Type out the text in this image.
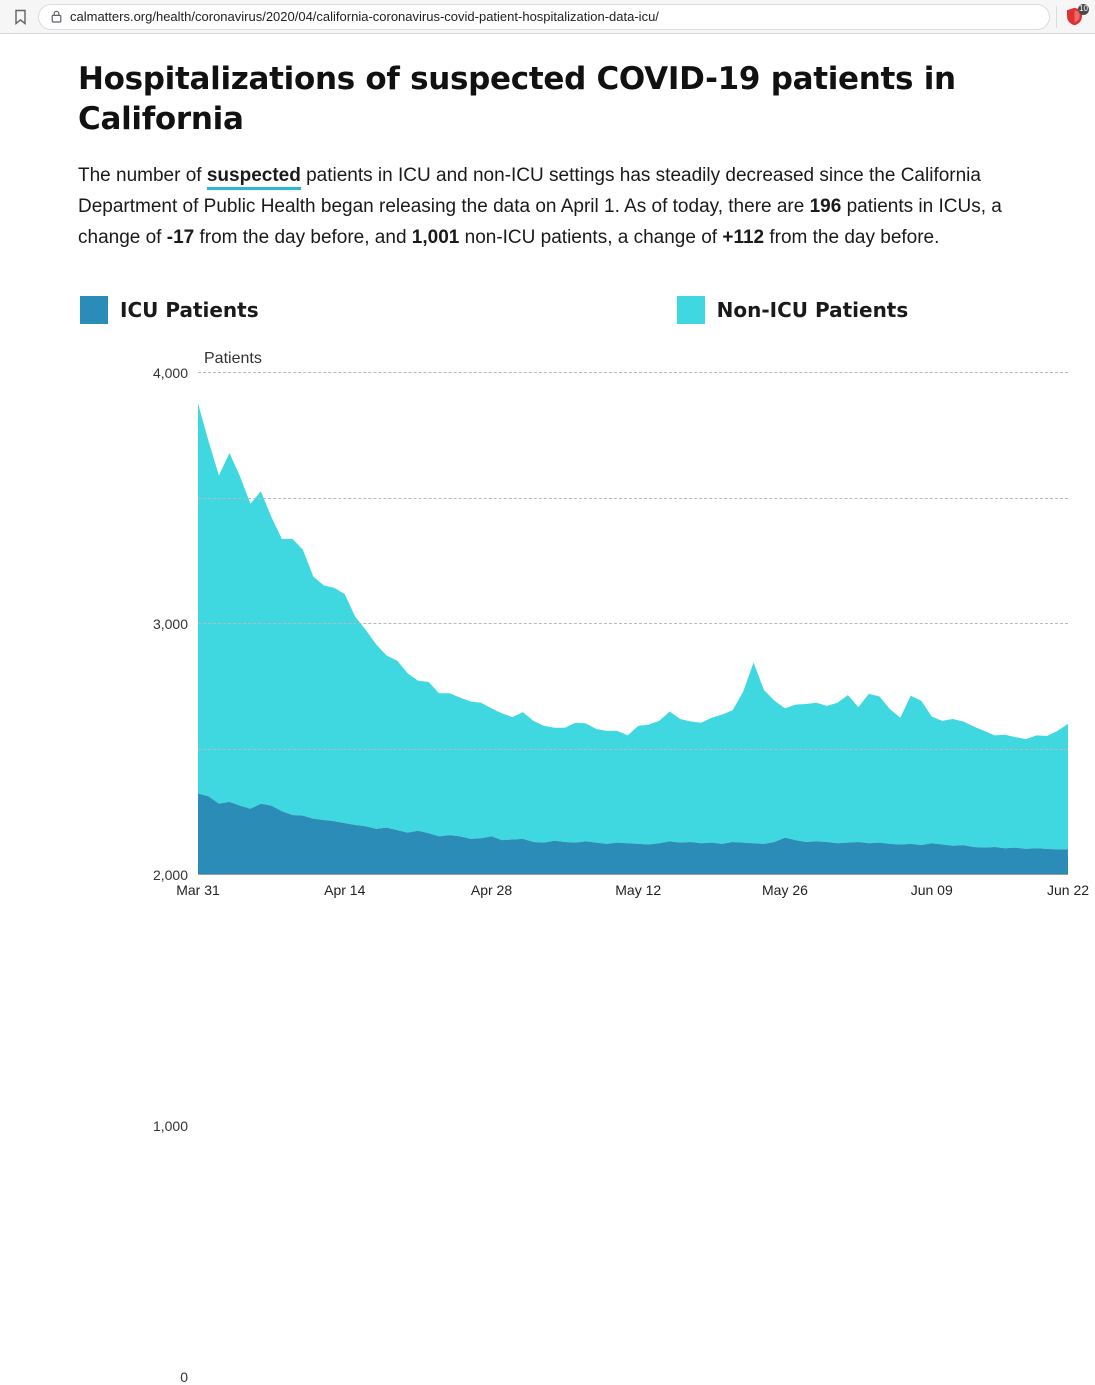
calmatters.org/health/coronavirus/2020/04/california-coronavirus-covid-patient-hospitalization-data-icu/
10
Hospitalizations of suspected COVID-19 patients in California

The number of suspected patients in ICU and non-ICU settings has steadily decreased since the California Department of Public Health began releasing the data on April 1. As of today, there are 196 patients in ICUs, a change of -17 from the day before, and 1,001 non-ICU patients, a change of +112 from the day before.

ICU Patients	Non-ICU Patients
Patients
0
1,000
2,000
3,000
4,000
Mar 31	Apr 14	Apr 28	May 12	May 26	Jun 09	Jun 22
